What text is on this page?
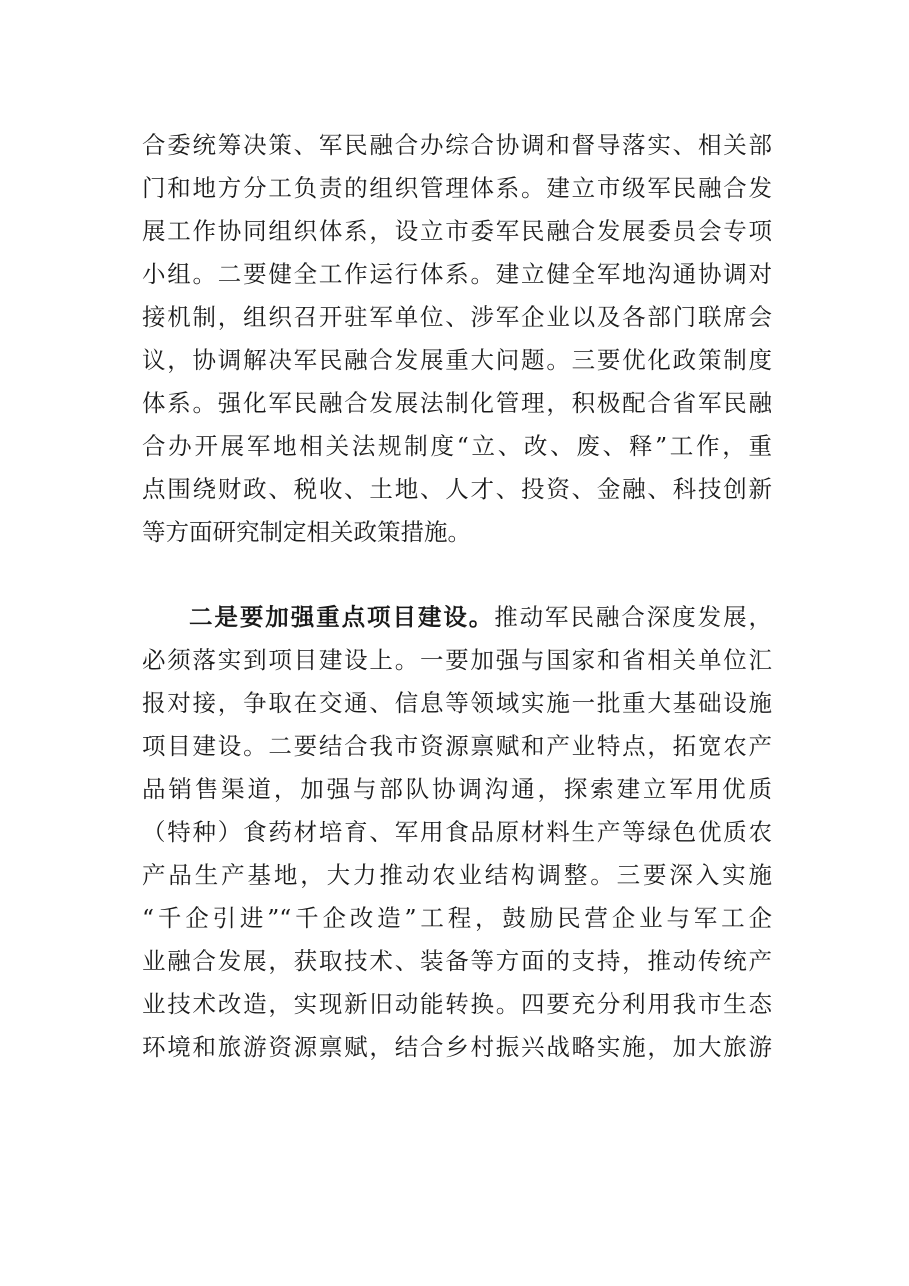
合委统筹决策、军民融合办综合协调和督导落实、相关部
门和地方分工负责的组织管理体系。建立市级军民融合发
展工作协同组织体系，设立市委军民融合发展委员会专项
小组。二要健全工作运行体系。建立健全军地沟通协调对
接机制，组织召开驻军单位、涉军企业以及各部门联席会
议，协调解决军民融合发展重大问题。三要优化政策制度
体系。强化军民融合发展法制化管理，积极配合省军民融
合办开展军地相关法规制度“立、改、废、释”工作，重
点围绕财政、税收、土地、人才、投资、金融、科技创新
等方面研究制定相关政策措施。
二是要加强重点项目建设。推动军民融合深度发展，
必须落实到项目建设上。一要加强与国家和省相关单位汇
报对接，争取在交通、信息等领域实施一批重大基础设施
项目建设。二要结合我市资源禀赋和产业特点，拓宽农产
品销售渠道，加强与部队协调沟通，探索建立军用优质
（特种）食药材培育、军用食品原材料生产等绿色优质农
产品生产基地，大力推动农业结构调整。三要深入实施
“千企引进”“千企改造”工程，鼓励民营企业与军工企
业融合发展，获取技术、装备等方面的支持，推动传统产
业技术改造，实现新旧动能转换。四要充分利用我市生态
环境和旅游资源禀赋，结合乡村振兴战略实施，加大旅游
